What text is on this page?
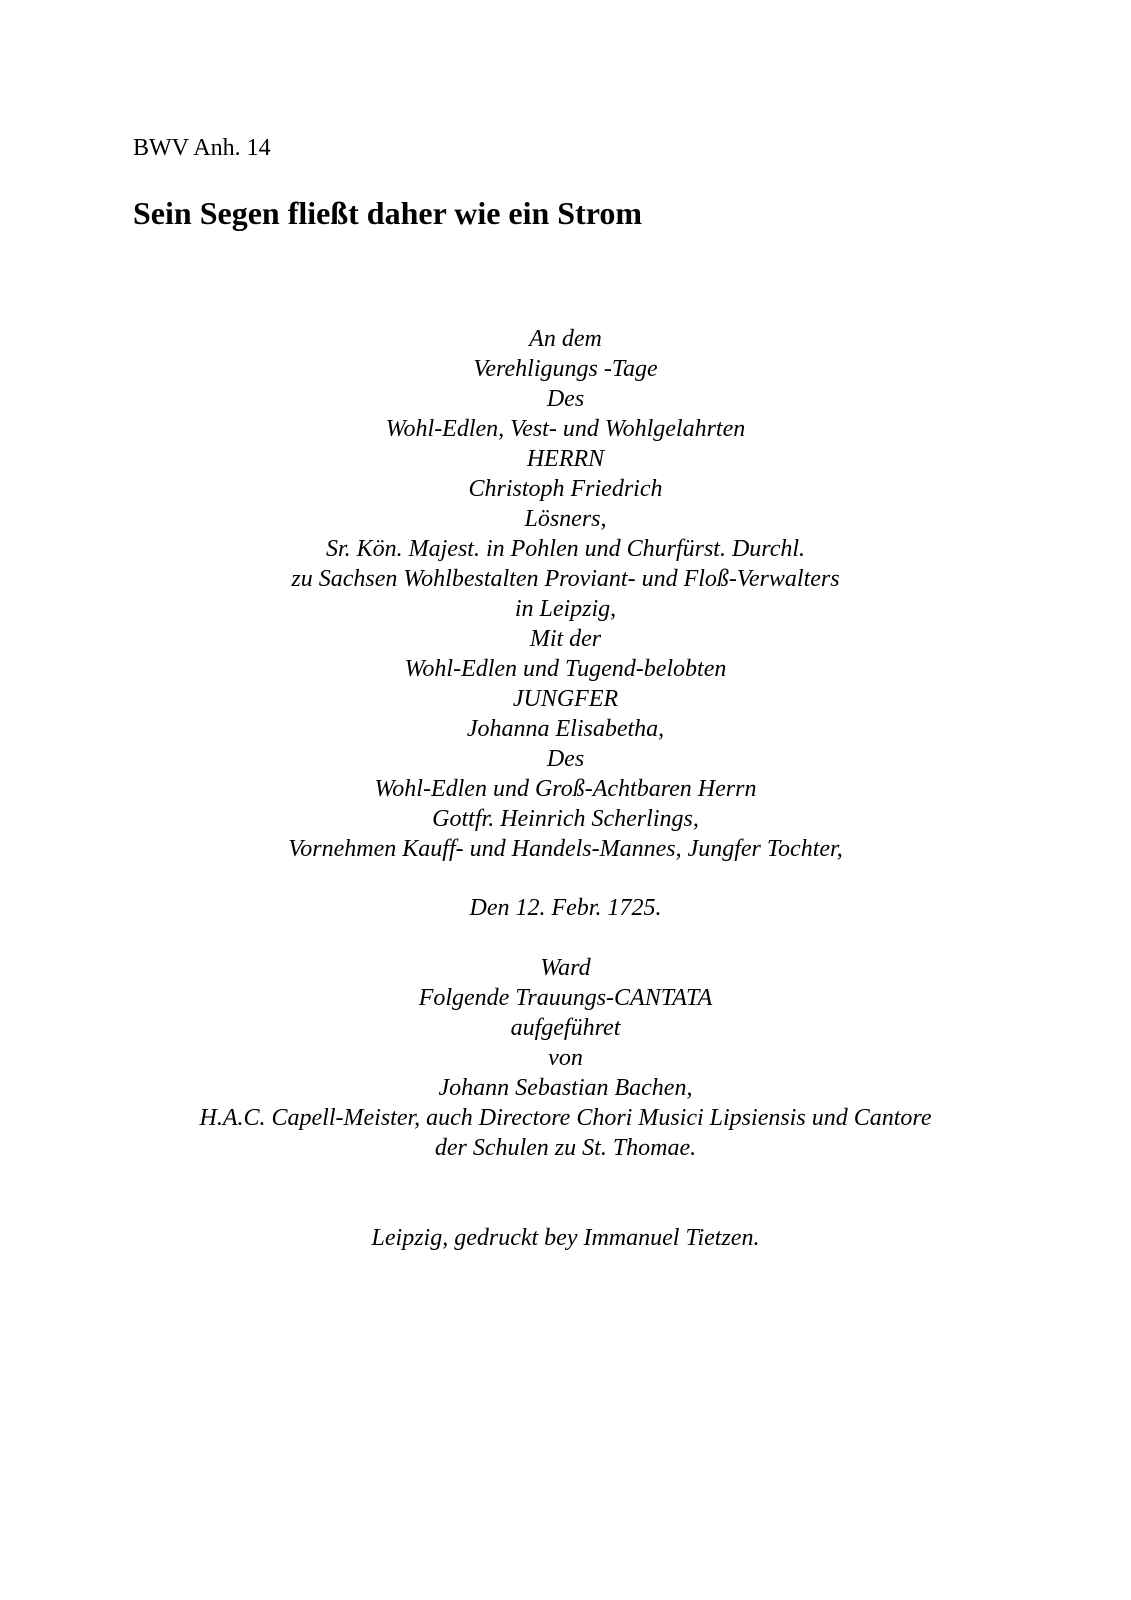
BWV Anh. 14

Sein Segen fließt daher wie ein Strom
An dem
Verehligungs -Tage
Des
Wohl-Edlen, Vest- und Wohlgelahrten
HERRN
Christoph Friedrich
Lösners,
Sr. Kön. Majest. in Pohlen und Churfürst. Durchl.
zu Sachsen Wohlbestalten Proviant- und Floß-Verwalters
in Leipzig,
Mit der
Wohl-Edlen und Tugend-belobten
JUNGFER
Johanna Elisabetha,
Des
Wohl-Edlen und Groß-Achtbaren Herrn
Gottfr. Heinrich Scherlings,
Vornehmen Kauff- und Handels-Mannes, Jungfer Tochter,
Den 12. Febr. 1725.
Ward
Folgende Trauungs-CANTATA
aufgeführet
von
Johann Sebastian Bachen,
H.A.C. Capell-Meister, auch Directore Chori Musici Lipsiensis und Cantore
der Schulen zu St. Thomae.
Leipzig, gedruckt bey Immanuel Tietzen.
